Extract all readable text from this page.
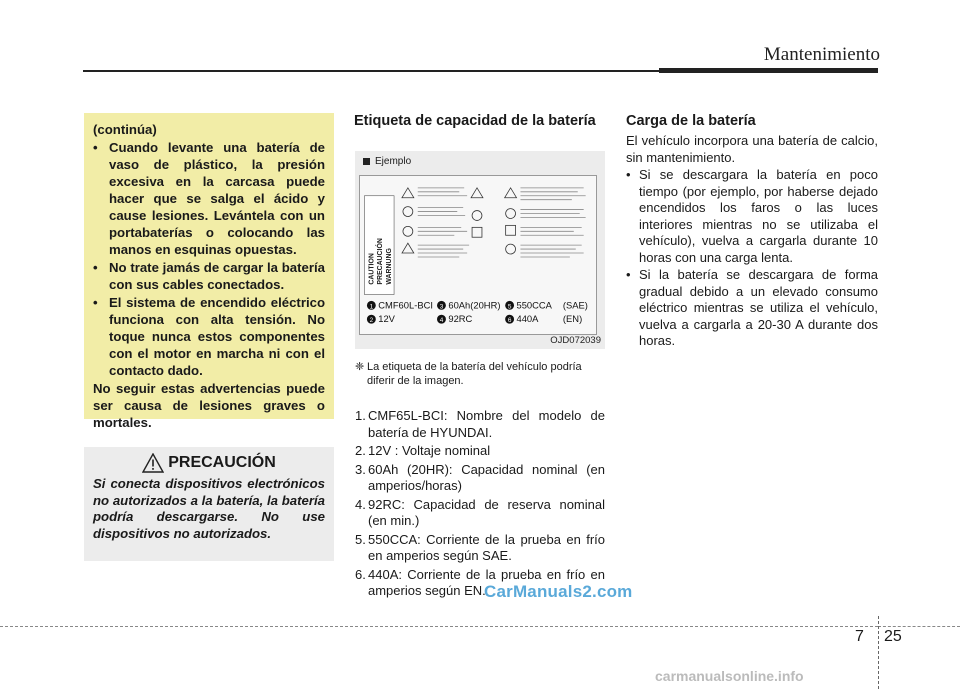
Mantenimiento
(continúa)
• Cuando levante una batería de vaso de plástico, la presión excesiva en la carcasa puede hacer que se salga el ácido y cause lesiones. Levántela con un portabaterías o colocando las manos en esquinas opuestas.
• No trate jamás de cargar la batería con sus cables conectados.
• El sistema de encendido eléctrico funciona con alta tensión. No toque nunca estos componentes con el motor en marcha ni con el contacto dado.
No seguir estas advertencias puede ser causa de lesiones graves o mortales.
PRECAUCIÓN
Si conecta dispositivos electrónicos no autorizados a la batería, la batería podría descargarse. No use dispositivos no autorizados.
Etiqueta de capacidad de la batería
Ejemplo
CAUTION PRECAUCIÓN WARNUNG
1 CMF60L-BCI 3 60Ah(20HR) 5 550CCA (SAE)
2 12V	4 92RC	6 440A	(EN)
OJD072039
❈ La etiqueta de la batería del vehículo podría diferir de la imagen.
1. CMF65L-BCI: Nombre del modelo de batería de HYUNDAI.
2. 12V : Voltaje nominal
3. 60Ah (20HR): Capacidad nominal (en amperios/horas)
4. 92RC: Capacidad de reserva nominal (en min.)
5. 550CCA: Corriente de la prueba en frío en amperios según SAE.
6. 440A: Corriente de la prueba en frío en amperios según EN.
Carga de la batería
El vehículo incorpora una batería de calcio, sin mantenimiento.
• Si se descargara la batería en poco tiempo (por ejemplo, por haberse dejado encendidos los faros o las luces interiores mientras no se utilizaba el vehículo), vuelva a cargarla durante 10 horas con una carga lenta.
• Si la batería se descargara de forma gradual debido a un elevado consumo eléctrico mientras se utiliza el vehículo, vuelva a cargarla a 20-30 A durante dos horas.
CarManuals2.com
7 25
carmanualsonline.info
